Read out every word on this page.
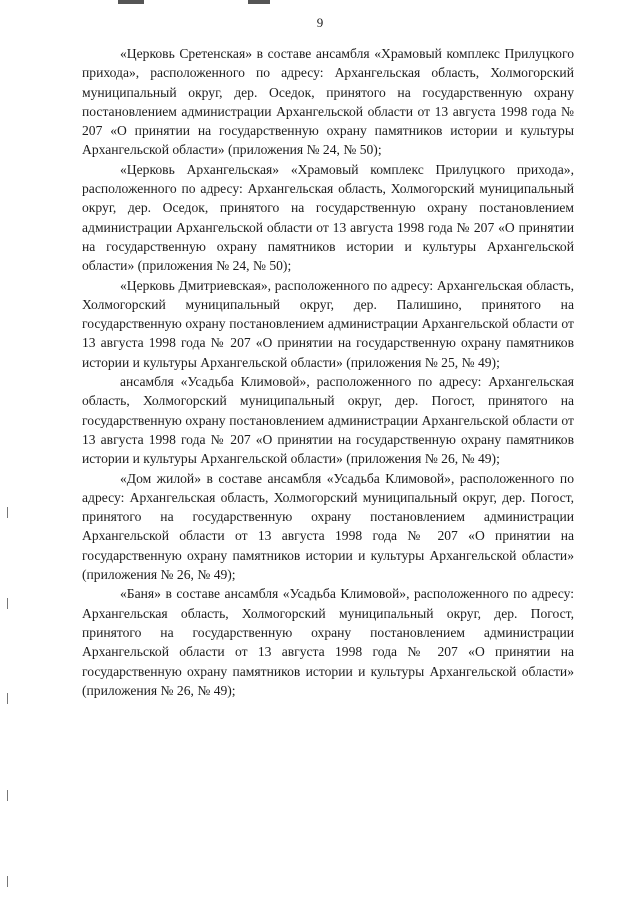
9

«Церковь Сретенская» в составе ансамбля «Храмовый комплекс Прилуцкого прихода», расположенного по адресу: Архангельская область, Холмогорский муниципальный округ, дер. Оседок, принятого на государственную охрану постановлением администрации Архангельской области от 13 августа 1998 года № 207 «О принятии на государственную охрану памятников истории и культуры Архангельской области» (приложения № 24, № 50);

«Церковь Архангельская» «Храмовый комплекс Прилуцкого прихода», расположенного по адресу: Архангельская область, Холмогорский муниципальный округ, дер. Оседок, принятого на государственную охрану постановлением администрации Архангельской области от 13 августа 1998 года № 207 «О принятии на государственную охрану памятников истории и культуры Архангельской области» (приложения № 24, № 50);

«Церковь Дмитриевская», расположенного по адресу: Архангельская область, Холмогорский муниципальный округ, дер. Палишино, принятого на государственную охрану постановлением администрации Архангельской области от 13 августа 1998 года № 207 «О принятии на государственную охрану памятников истории и культуры Архангельской области» (приложения № 25, № 49);

ансамбля «Усадьба Климовой», расположенного по адресу: Архангельская область, Холмогорский муниципальный округ, дер. Погост, принятого на государственную охрану постановлением администрации Архангельской области от 13 августа 1998 года № 207 «О принятии на государственную охрану памятников истории и культуры Архангельской области» (приложения № 26, № 49);

«Дом жилой» в составе ансамбля «Усадьба Климовой», расположенного по адресу: Архангельская область, Холмогорский муниципальный округ, дер. Погост, принятого на государственную охрану постановлением администрации Архангельской области от 13 августа 1998 года № 207 «О принятии на государственную охрану памятников истории и культуры Архангельской области» (приложения № 26, № 49);

«Баня» в составе ансамбля «Усадьба Климовой», расположенного по адресу: Архангельская область, Холмогорский муниципальный округ, дер. Погост, принятого на государственную охрану постановлением администрации Архангельской области от 13 августа 1998 года № 207 «О принятии на государственную охрану памятников истории и культуры Архангельской области» (приложения № 26, № 49);
